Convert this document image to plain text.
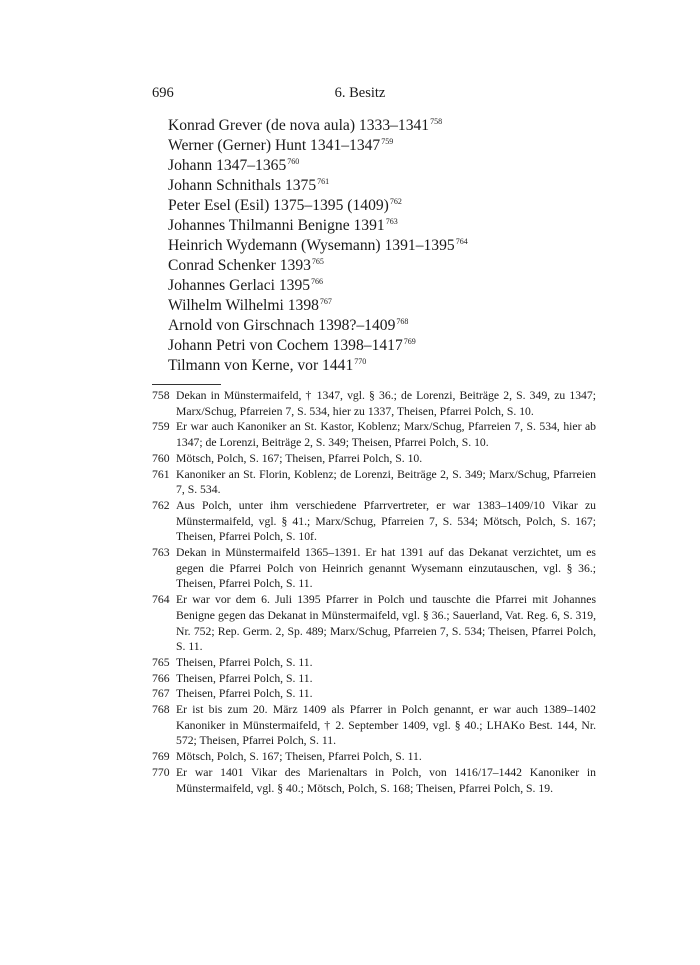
696	6. Besitz
Konrad Grever (de nova aula) 1333–1341$^{758}$
Werner (Gerner) Hunt 1341–1347$^{759}$
Johann 1347–1365$^{760}$
Johann Schnithals 1375$^{761}$
Peter Esel (Esil) 1375–1395 $(1409)^{762}$
Johannes Thilmanni Benigne 1391$^{763}$
Heinrich Wydemann (Wysemann) 1391–1395$^{764}$
Conrad Schenker 1393$^{765}$
Johannes Gerlaci 1395$^{766}$
Wilhelm Wilhelmi 1398$^{767}$
Arnold von Girschnach 1398?–1409$^{768}$
Johann Petri von Cochem 1398–1417$^{769}$
Tilmann von Kerne, vor 1441$^{770}$
758 Dekan in Münstermaifeld, † 1347, vgl. § 36.; de Lorenzi, Beiträge 2, S. 349, zu 1347; Marx/Schug, Pfarreien 7, S. 534, hier zu 1337, Theisen, Pfarrei Polch, S. 10.
759 Er war auch Kanoniker an St. Kastor, Koblenz; Marx/Schug, Pfarreien 7, S. 534, hier ab 1347; de Lorenzi, Beiträge 2, S. 349; Theisen, Pfarrei Polch, S. 10.
760 Mötsch, Polch, S. 167; Theisen, Pfarrei Polch, S. 10.
761 Kanoniker an St. Florin, Koblenz; de Lorenzi, Beiträge 2, S. 349; Marx/Schug, Pfarreien 7, S. 534.
762 Aus Polch, unter ihm verschiedene Pfarrvertreter, er war 1383–1409/10 Vikar zu Münstermaifeld, vgl. § 41.; Marx/Schug, Pfarreien 7, S. 534; Mötsch, Polch, S. 167; Theisen, Pfarrei Polch, S. 10f.
763 Dekan in Münstermaifeld 1365–1391. Er hat 1391 auf das Dekanat verzichtet, um es gegen die Pfarrei Polch von Heinrich genannt Wysemann einzutauschen, vgl. § 36.; Theisen, Pfarrei Polch, S. 11.
764 Er war vor dem 6. Juli 1395 Pfarrer in Polch und tauschte die Pfarrei mit Johannes Benigne gegen das Dekanat in Münstermaifeld, vgl. § 36.; Sauerland, Vat. Reg. 6, S. 319, Nr. 752; Rep. Germ. 2, Sp. 489; Marx/Schug, Pfarreien 7, S. 534; Theisen, Pfarrei Polch, S. 11.
765 Theisen, Pfarrei Polch, S. 11.
766 Theisen, Pfarrei Polch, S. 11.
767 Theisen, Pfarrei Polch, S. 11.
768 Er ist bis zum 20. März 1409 als Pfarrer in Polch genannt, er war auch 1389–1402 Kanoniker in Münstermaifeld, † 2. September 1409, vgl. § 40.; LHAKo Best. 144, Nr. 572; Theisen, Pfarrei Polch, S. 11.
769 Mötsch, Polch, S. 167; Theisen, Pfarrei Polch, S. 11.
770 Er war 1401 Vikar des Marienaltars in Polch, von 1416/17–1442 Kanoniker in Münstermaifeld, vgl. § 40.; Mötsch, Polch, S. 168; Theisen, Pfarrei Polch, S. 19.
